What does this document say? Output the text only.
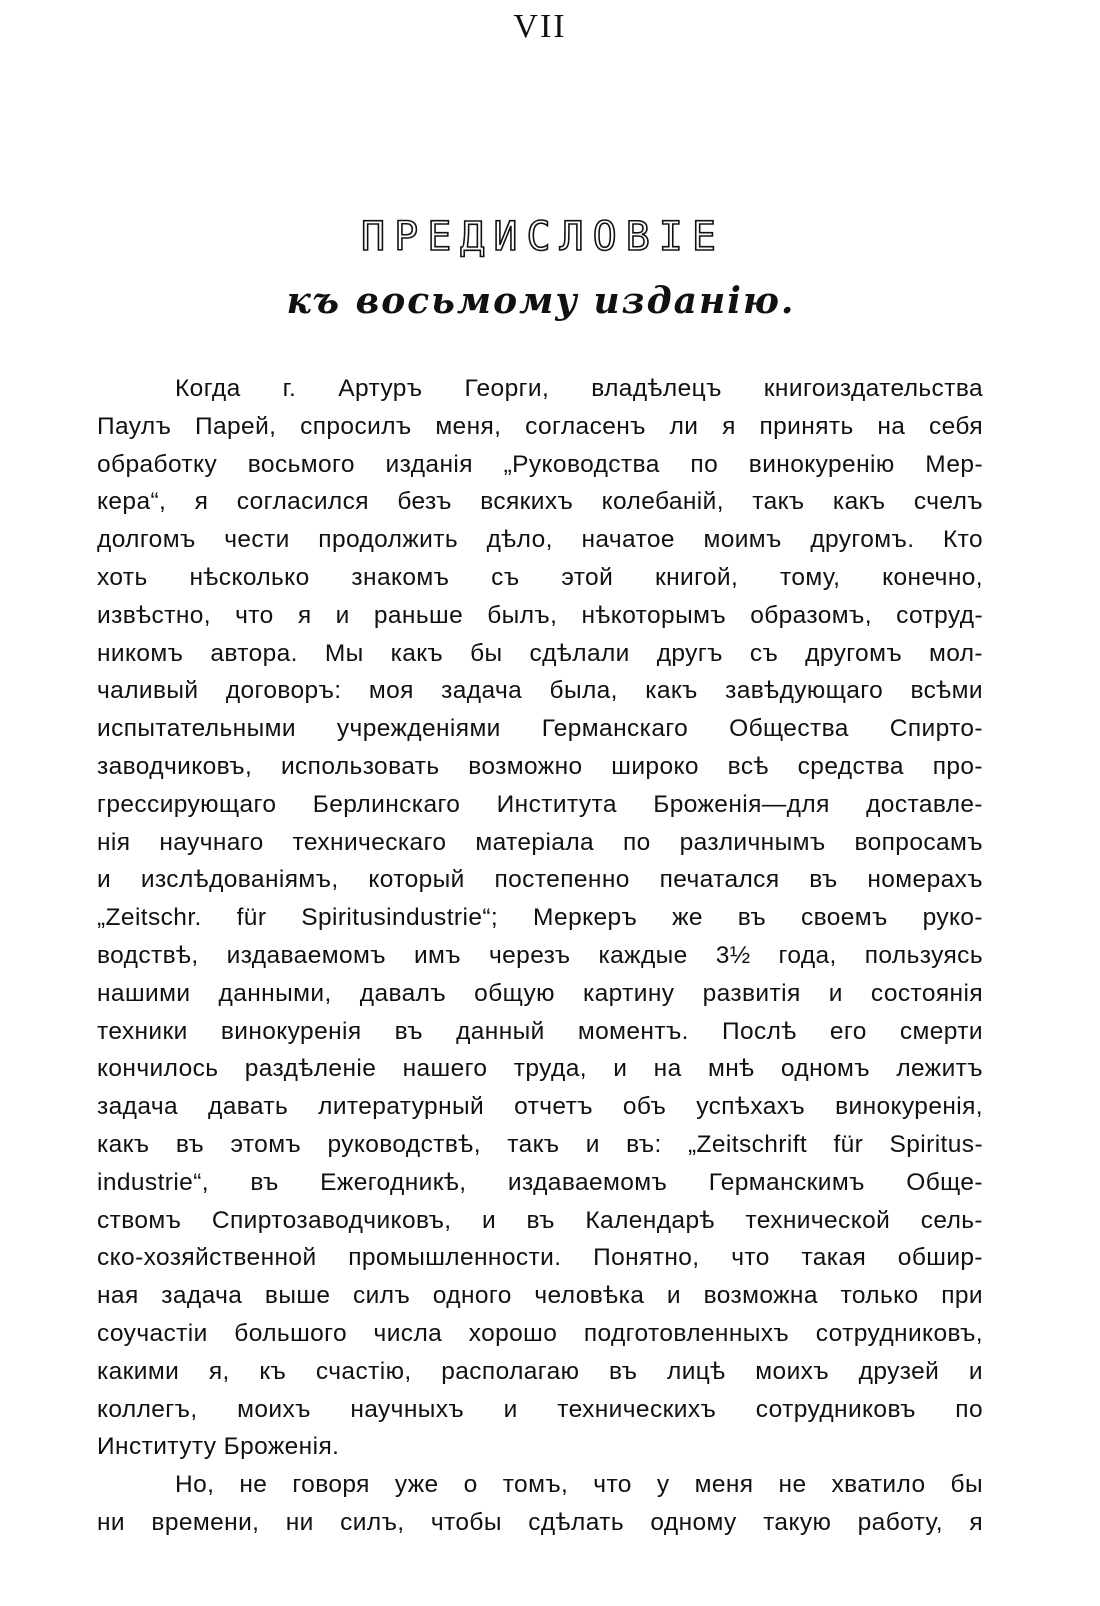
VII
ПРЕДИСЛОВІЕ
къ восьмому изданію.
Когда г. Артуръ Георги, владѣлецъ книгоиздательства
Паулъ Парей, спросилъ меня, согласенъ ли я принять на себя
обработку восьмого изданія „Руководства по винокуренію Мер-
кера“, я согласился безъ всякихъ колебаній, такъ какъ счелъ
долгомъ чести продолжить дѣло, начатое моимъ другомъ. Кто
хоть нѣсколько знакомъ съ этой книгой, тому, конечно,
извѣстно, что я и раньше былъ, нѣкоторымъ образомъ, сотруд-
никомъ автора. Мы какъ бы сдѣлали другъ съ другомъ мол-
чаливый договоръ: моя задача была, какъ завѣдующаго всѣми
испытательными учрежденіями Германскаго Общества Спирто-
заводчиковъ, использовать возможно широко всѣ средства про-
грессирующаго Берлинскаго Института Броженія—для доставле-
нія научнаго техническаго матеріала по различнымъ вопросамъ
и изслѣдованіямъ, который постепенно печатался въ номерахъ
„Zeitschr. für Spiritusindustrie“; Меркеръ же въ своемъ руко-
водствѣ, издаваемомъ имъ черезъ каждые 3½ года, пользуясь
нашими данными, давалъ общую картину развитія и состоянія
техники винокуренія въ данный моментъ. Послѣ его смерти
кончилось раздѣленіе нашего труда, и на мнѣ одномъ лежитъ
задача давать литературный отчетъ объ успѣхахъ винокуренія,
какъ въ этомъ руководствѣ, такъ и въ: „Zeitschrift für Spiritus-
industrie“, въ Ежегодникѣ, издаваемомъ Германскимъ Обще-
ствомъ Спиртозаводчиковъ, и въ Календарѣ технической сель-
ско-хозяйственной промышленности. Понятно, что такая обшир-
ная задача выше силъ одного человѣка и возможна только при
соучастіи большого числа хорошо подготовленныхъ сотрудниковъ,
какими я, къ счастію, располагаю въ лицѣ моихъ друзей и
коллегъ, моихъ научныхъ и техническихъ сотрудниковъ по
Институту Броженія.
Но, не говоря уже о томъ, что у меня не хватило бы
ни времени, ни силъ, чтобы сдѣлать одному такую работу, я
